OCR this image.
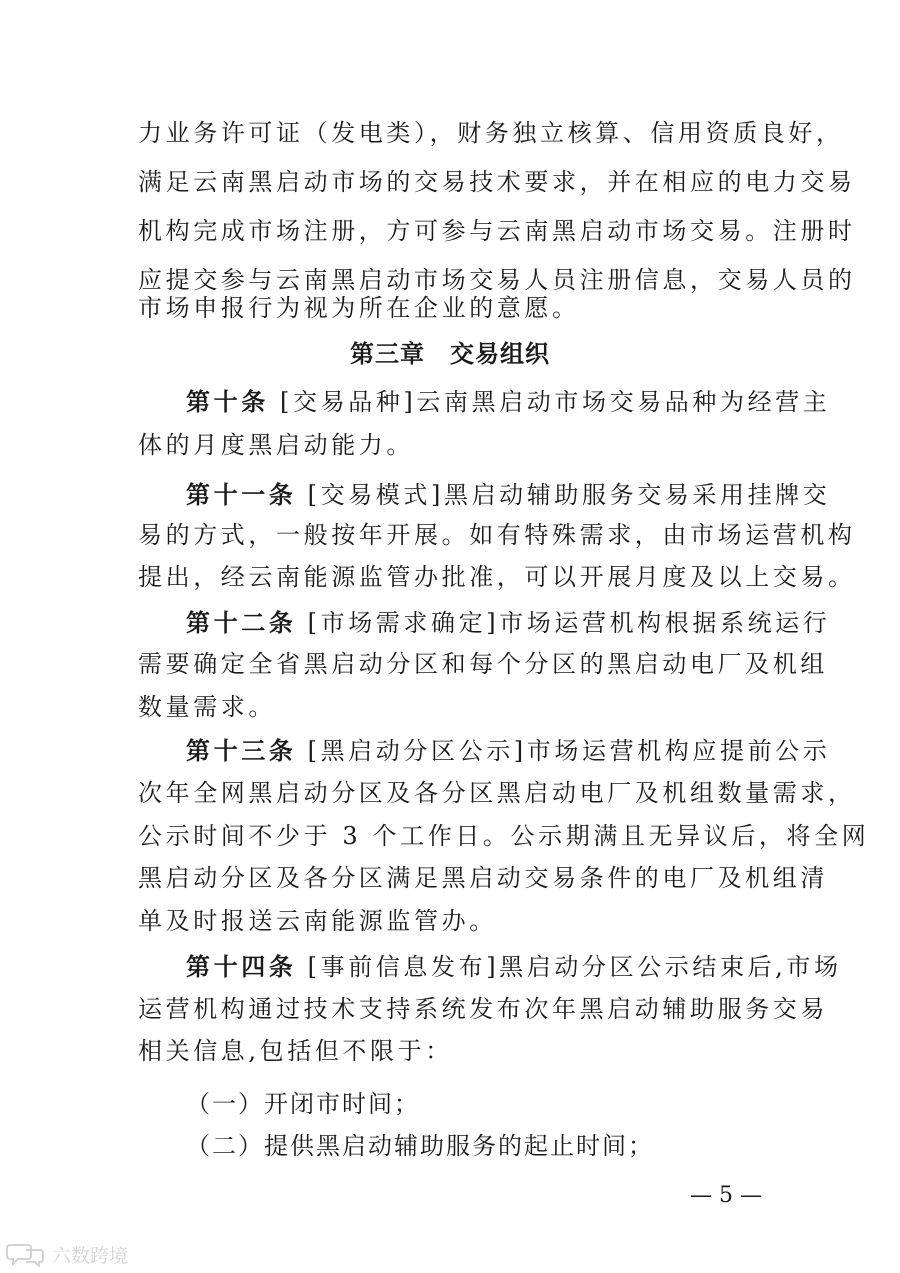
力业务许可证（发电类），财务独立核算、信用资质良好，
满足云南黑启动市场的交易技术要求，并在相应的电力交易
机构完成市场注册，方可参与云南黑启动市场交易。注册时
应提交参与云南黑启动市场交易人员注册信息，交易人员的
市场申报行为视为所在企业的意愿。
第三章　交易组织
第十条 [交易品种]云南黑启动市场交易品种为经营主
体的月度黑启动能力。
第十一条 [交易模式]黑启动辅助服务交易采用挂牌交
易的方式，一般按年开展。如有特殊需求，由市场运营机构
提出，经云南能源监管办批准，可以开展月度及以上交易。
第十二条 [市场需求确定]市场运营机构根据系统运行
需要确定全省黑启动分区和每个分区的黑启动电厂及机组
数量需求。
第十三条 [黑启动分区公示]市场运营机构应提前公示
次年全网黑启动分区及各分区黑启动电厂及机组数量需求，
公示时间不少于 3 个工作日。公示期满且无异议后，将全网
黑启动分区及各分区满足黑启动交易条件的电厂及机组清
单及时报送云南能源监管办。
第十四条 [事前信息发布]黑启动分区公示结束后,市场
运营机构通过技术支持系统发布次年黑启动辅助服务交易
相关信息,包括但不限于：
（一）开闭市时间；
（二）提供黑启动辅助服务的起止时间；
— 5 —
六数跨境
